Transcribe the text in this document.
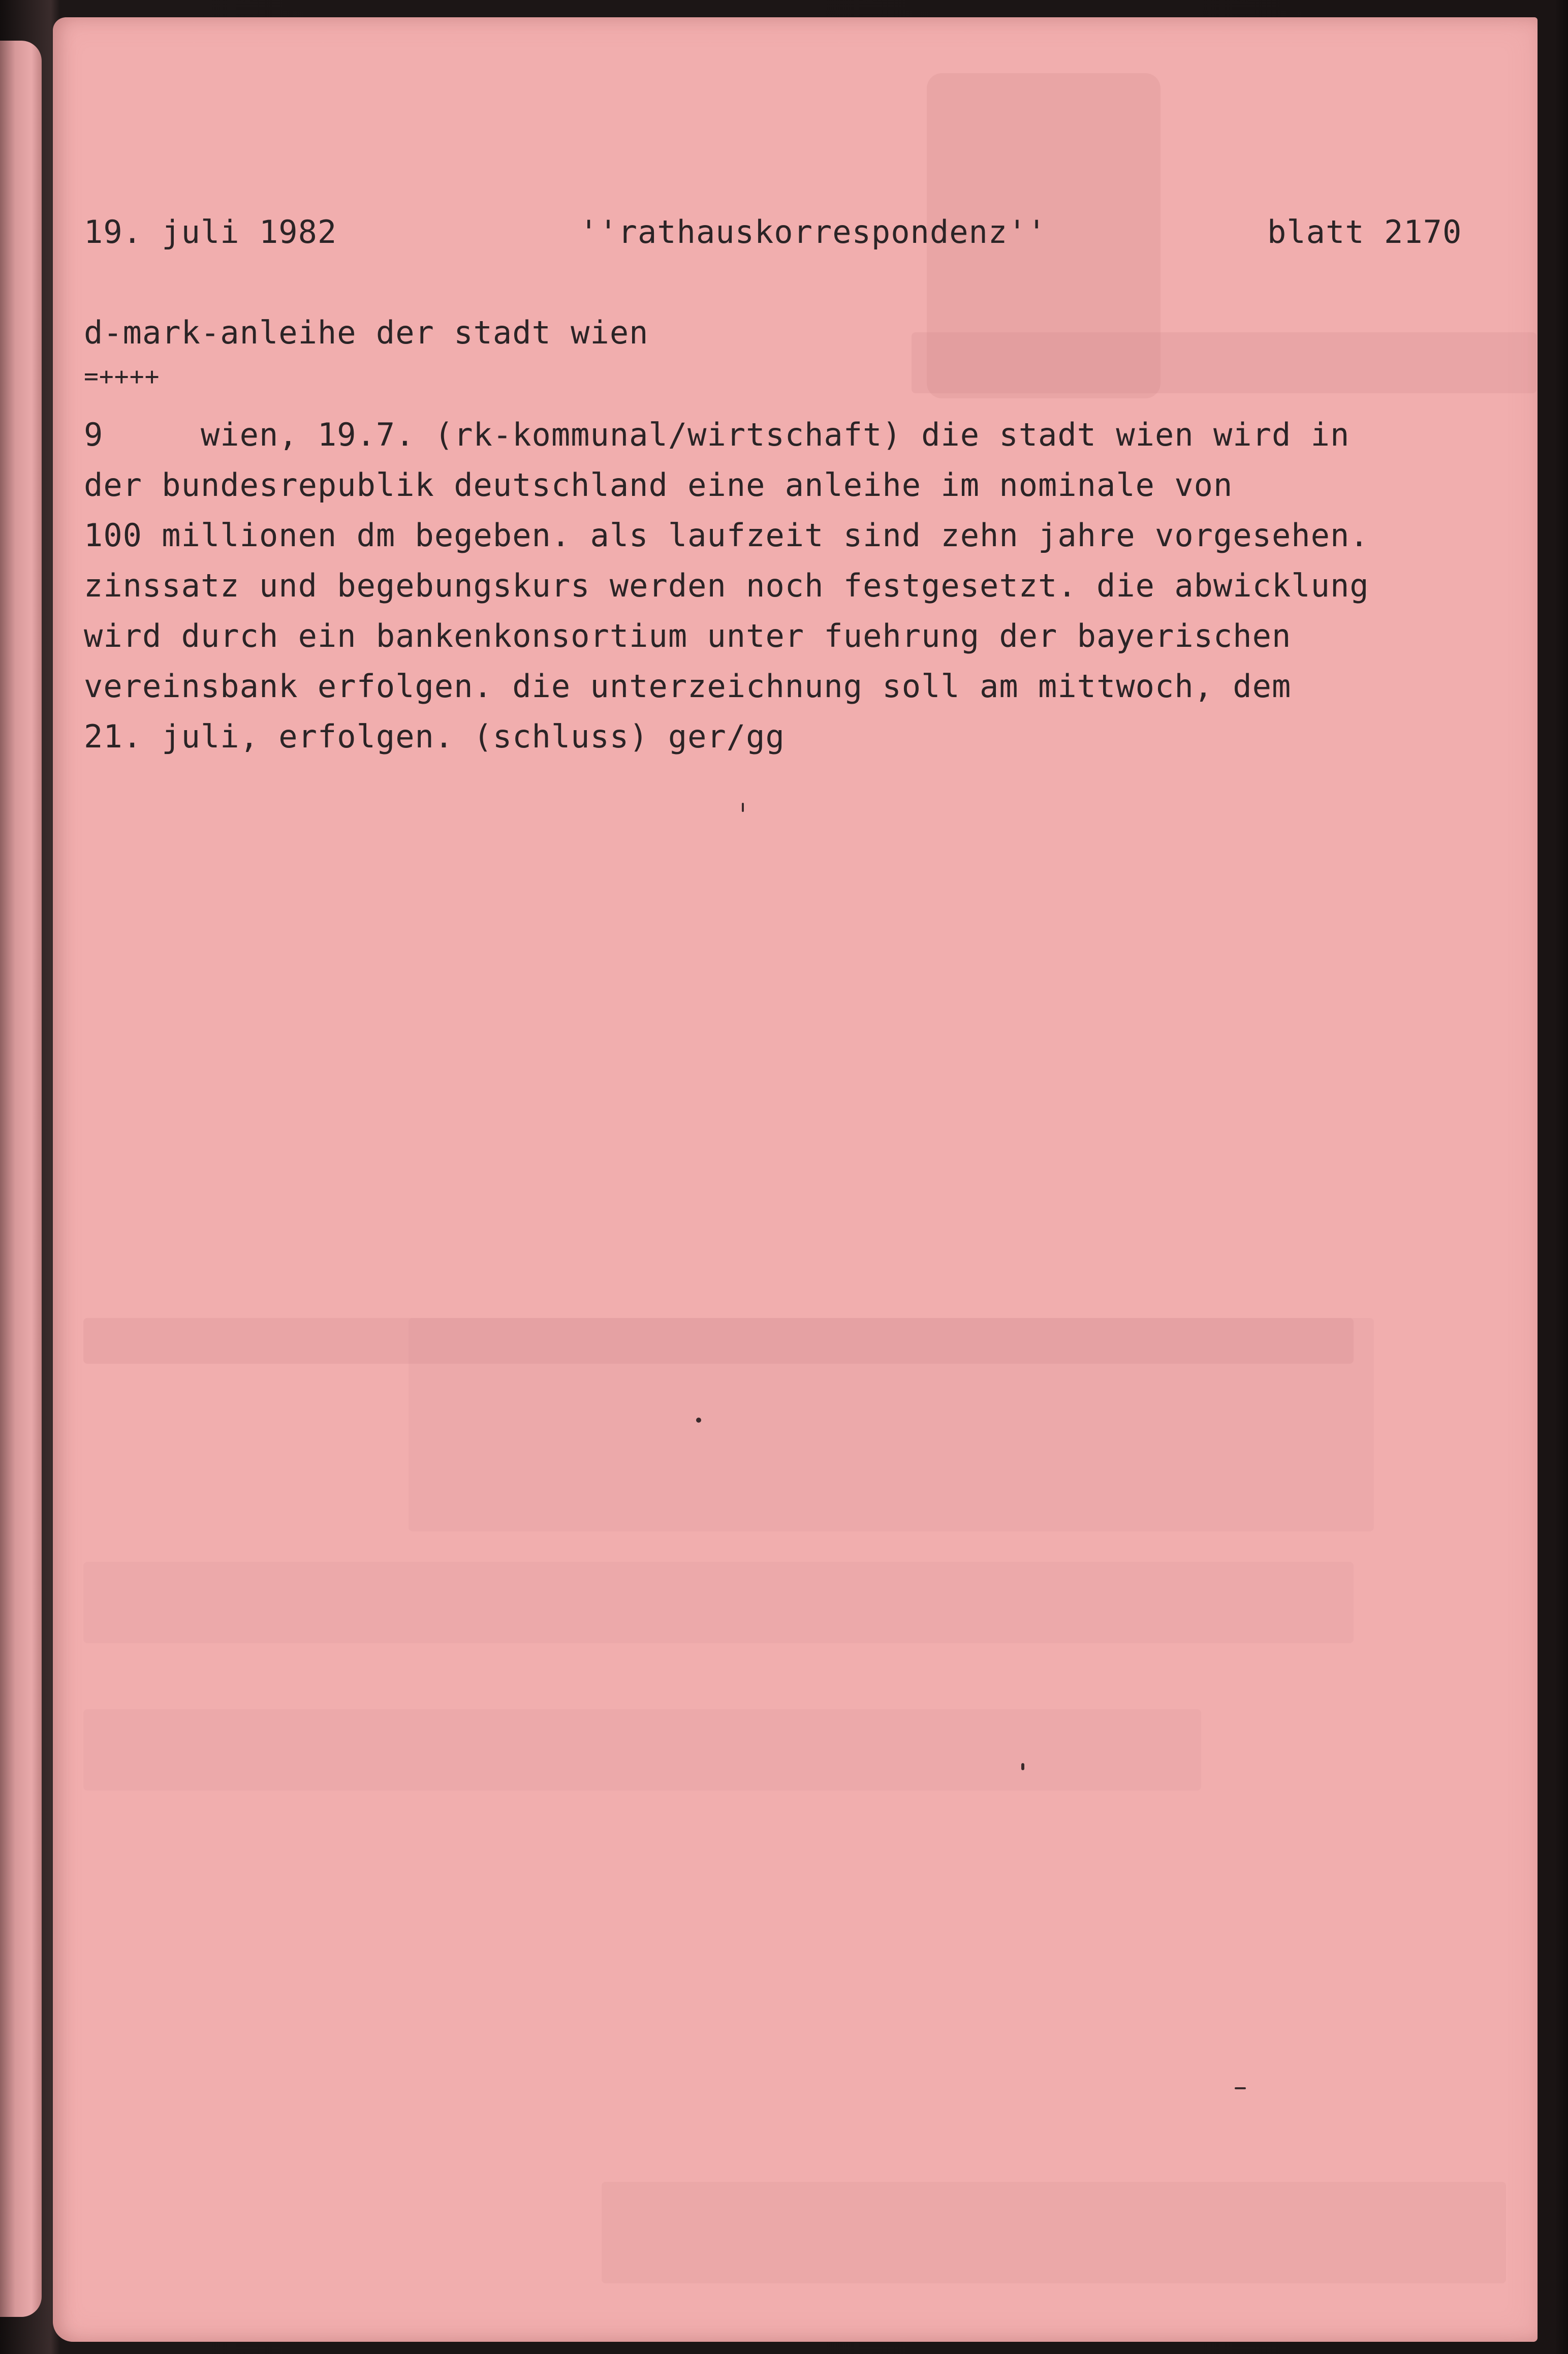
19. juli 1982	''rathauskorrespondenz''	blatt 2170
d-mark-anleihe der stadt wien
=++++
9     wien, 19.7. (rk-kommunal/wirtschaft) die stadt wien wird in
der bundesrepublik deutschland eine anleihe im nominale von
100 millionen dm begeben. als laufzeit sind zehn jahre vorgesehen.
zinssatz und begebungskurs werden noch festgesetzt. die abwicklung
wird durch ein bankenkonsortium unter fuehrung der bayerischen
vereinsbank erfolgen. die unterzeichnung soll am mittwoch, dem
21. juli, erfolgen. (schluss) ger/gg
